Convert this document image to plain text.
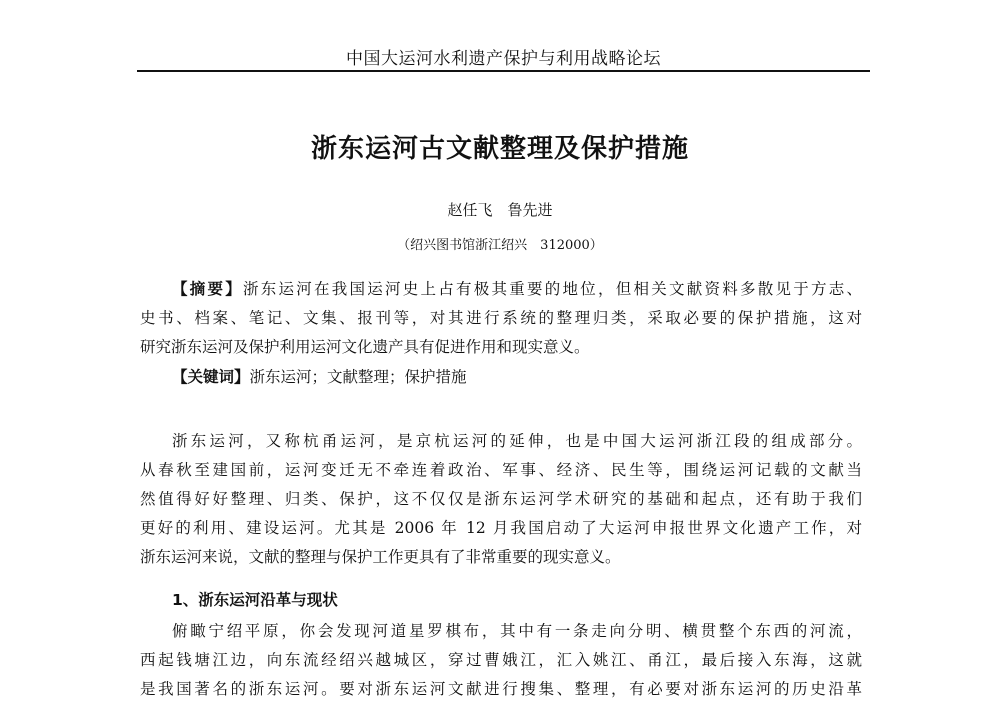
中国大运河水利遗产保护与利用战略论坛
浙东运河古文献整理及保护措施
赵任飞　鲁先进
（绍兴图书馆浙江绍兴　312000）
【摘要】浙东运河在我国运河史上占有极其重要的地位，但相关文献资料多散见于方志、
史书、档案、笔记、文集、报刊等，对其进行系统的整理归类，采取必要的保护措施，这对
研究浙东运河及保护利用运河文化遗产具有促进作用和现实意义。
【关键词】浙东运河；文献整理；保护措施
浙东运河，又称杭甬运河，是京杭运河的延伸，也是中国大运河浙江段的组成部分。
从春秋至建国前，运河变迁无不牵连着政治、军事、经济、民生等，围绕运河记载的文献当
然值得好好整理、归类、保护，这不仅仅是浙东运河学术研究的基础和起点，还有助于我们
更好的利用、建设运河。尤其是 2006 年 12 月我国启动了大运河申报世界文化遗产工作，对
浙东运河来说，文献的整理与保护工作更具有了非常重要的现实意义。
1、浙东运河沿革与现状
俯瞰宁绍平原，你会发现河道星罗棋布，其中有一条走向分明、横贯整个东西的河流，
西起钱塘江边，向东流经绍兴越城区，穿过曹娥江，汇入姚江、甬江，最后接入东海，这就
是我国著名的浙东运河。要对浙东运河文献进行搜集、整理，有必要对浙东运河的历史沿革
